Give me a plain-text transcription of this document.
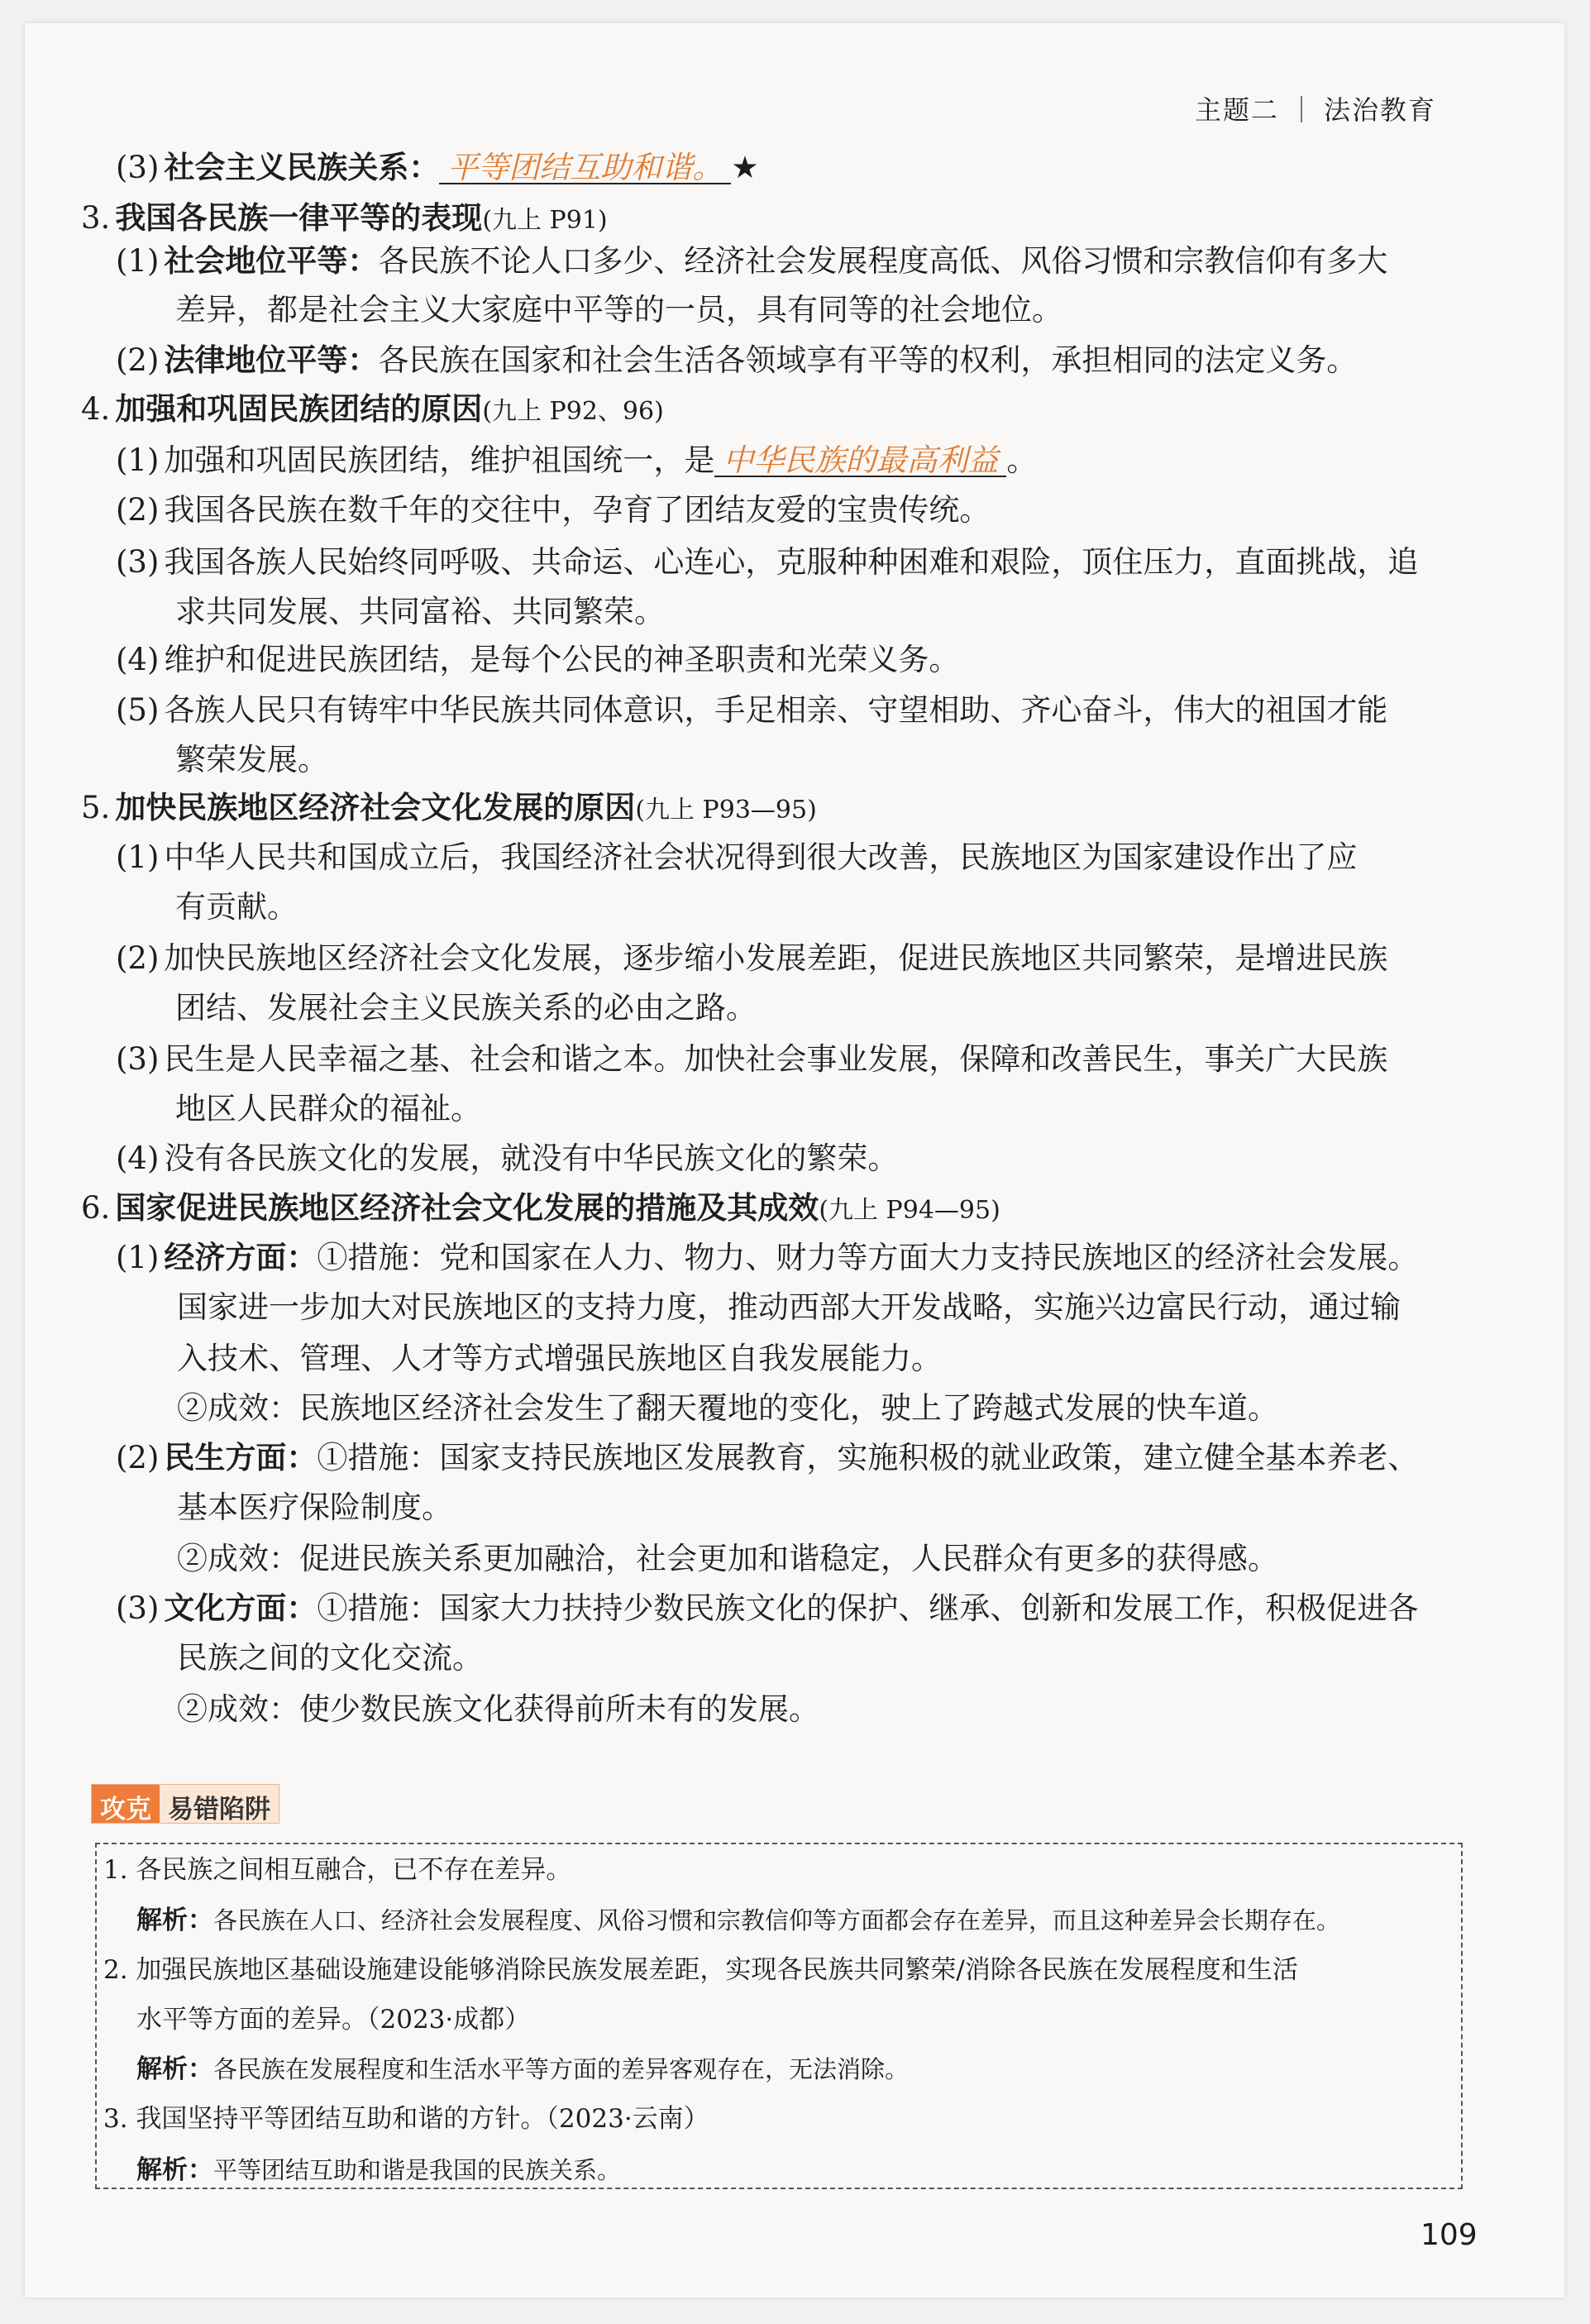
主题二 法治教育
(3) 社会主义民族关系： 平等团结互助和谐。 ★
3. 我国各民族一律平等的表现(九上 P91)
(1) 社会地位平等：各民族不论人口多少、经济社会发展程度高低、风俗习惯和宗教信仰有多大
差异，都是社会主义大家庭中平等的一员，具有同等的社会地位。
(2) 法律地位平等：各民族在国家和社会生活各领域享有平等的权利，承担相同的法定义务。
4. 加强和巩固民族团结的原因(九上 P92、96)
(1) 加强和巩固民族团结，维护祖国统一，是 中华民族的最高利益 。
(2) 我国各民族在数千年的交往中，孕育了团结友爱的宝贵传统。
(3) 我国各族人民始终同呼吸、共命运、心连心，克服种种困难和艰险，顶住压力，直面挑战，追
求共同发展、共同富裕、共同繁荣。
(4) 维护和促进民族团结，是每个公民的神圣职责和光荣义务。
(5) 各族人民只有铸牢中华民族共同体意识，手足相亲、守望相助、齐心奋斗，伟大的祖国才能
繁荣发展。
5. 加快民族地区经济社会文化发展的原因(九上 P93—95)
(1) 中华人民共和国成立后，我国经济社会状况得到很大改善，民族地区为国家建设作出了应
有贡献。
(2) 加快民族地区经济社会文化发展，逐步缩小发展差距，促进民族地区共同繁荣，是增进民族
团结、发展社会主义民族关系的必由之路。
(3) 民生是人民幸福之基、社会和谐之本。加快社会事业发展，保障和改善民生，事关广大民族
地区人民群众的福祉。
(4) 没有各民族文化的发展，就没有中华民族文化的繁荣。
6. 国家促进民族地区经济社会文化发展的措施及其成效(九上 P94—95)
(1) 经济方面：①措施：党和国家在人力、物力、财力等方面大力支持民族地区的经济社会发展。
国家进一步加大对民族地区的支持力度，推动西部大开发战略，实施兴边富民行动，通过输
入技术、管理、人才等方式增强民族地区自我发展能力。
②成效：民族地区经济社会发生了翻天覆地的变化，驶上了跨越式发展的快车道。
(2) 民生方面：①措施：国家支持民族地区发展教育，实施积极的就业政策，建立健全基本养老、
基本医疗保险制度。
②成效：促进民族关系更加融洽，社会更加和谐稳定，人民群众有更多的获得感。
(3) 文化方面：①措施：国家大力扶持少数民族文化的保护、继承、创新和发展工作，积极促进各
民族之间的文化交流。
②成效：使少数民族文化获得前所未有的发展。
攻克 易错陷阱
1. 各民族之间相互融合，已不存在差异。
解析：各民族在人口、经济社会发展程度、风俗习惯和宗教信仰等方面都会存在差异，而且这种差异会长期存在。
2. 加强民族地区基础设施建设能够消除民族发展差距，实现各民族共同繁荣/消除各民族在发展程度和生活
水平等方面的差异。（2023·成都）
解析：各民族在发展程度和生活水平等方面的差异客观存在，无法消除。
3. 我国坚持平等团结互助和谐的方针。（2023·云南）
解析：平等团结互助和谐是我国的民族关系。
109
